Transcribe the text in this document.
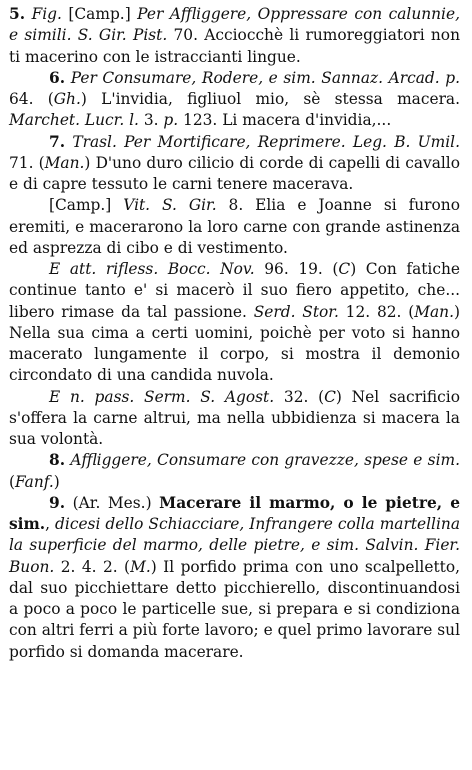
5. Fig. [Camp.] Per Affliggere, Oppressare con calunnie, e simili. S. Gir. Pist. 70. Acciocchè li rumoreggiatori non ti macerino con le istraccianti lingue.

6. Per Consumare, Rodere, e sim. Sannaz. Arcad. p. 64. (Gh.) L'invidia, figliuol mio, sè stessa macera. Marchet. Lucr. l. 3. p. 123. Li macera d'invidia,...

7. Trasl. Per Mortificare, Reprimere. Leg. B. Umil. 71. (Man.) D'uno duro cilicio di corde di capelli di cavallo e di capre tessuto le carni tenere macerava.

[Camp.] Vit. S. Gir. 8. Elia e Joanne si furono eremiti, e macerarono la loro carne con grande astinenza ed asprezza di cibo e di vestimento.

E att. rifless. Bocc. Nov. 96. 19. (C) Con fatiche continue tanto e' si macerò il suo fiero appetito, che... libero rimase da tal passione. Serd. Stor. 12. 82. (Man.) Nella sua cima a certi uomini, poichè per voto si hanno macerato lungamente il corpo, si mostra il demonio circondato di una candida nuvola.

E n. pass. Serm. S. Agost. 32. (C) Nel sacrificio s'offera la carne altrui, ma nella ubbidienza si macera la sua volontà.

8. Affliggere, Consumare con gravezze, spese e sim. (Fanf.)

9. (Ar. Mes.) Macerare il marmo, o le pietre, e sim., dicesi dello Schiacciare, Infrangere colla martellina la superficie del marmo, delle pietre, e sim. Salvin. Fier. Buon. 2. 4. 2. (M.) Il porfido prima con uno scalpelletto, dal suo picchiettare detto picchierello, discontinuandosi a poco a poco le particelle sue, si prepara e si condiziona con altri ferri a più forte lavoro; e quel primo lavorare sul porfido si domanda macerare.
